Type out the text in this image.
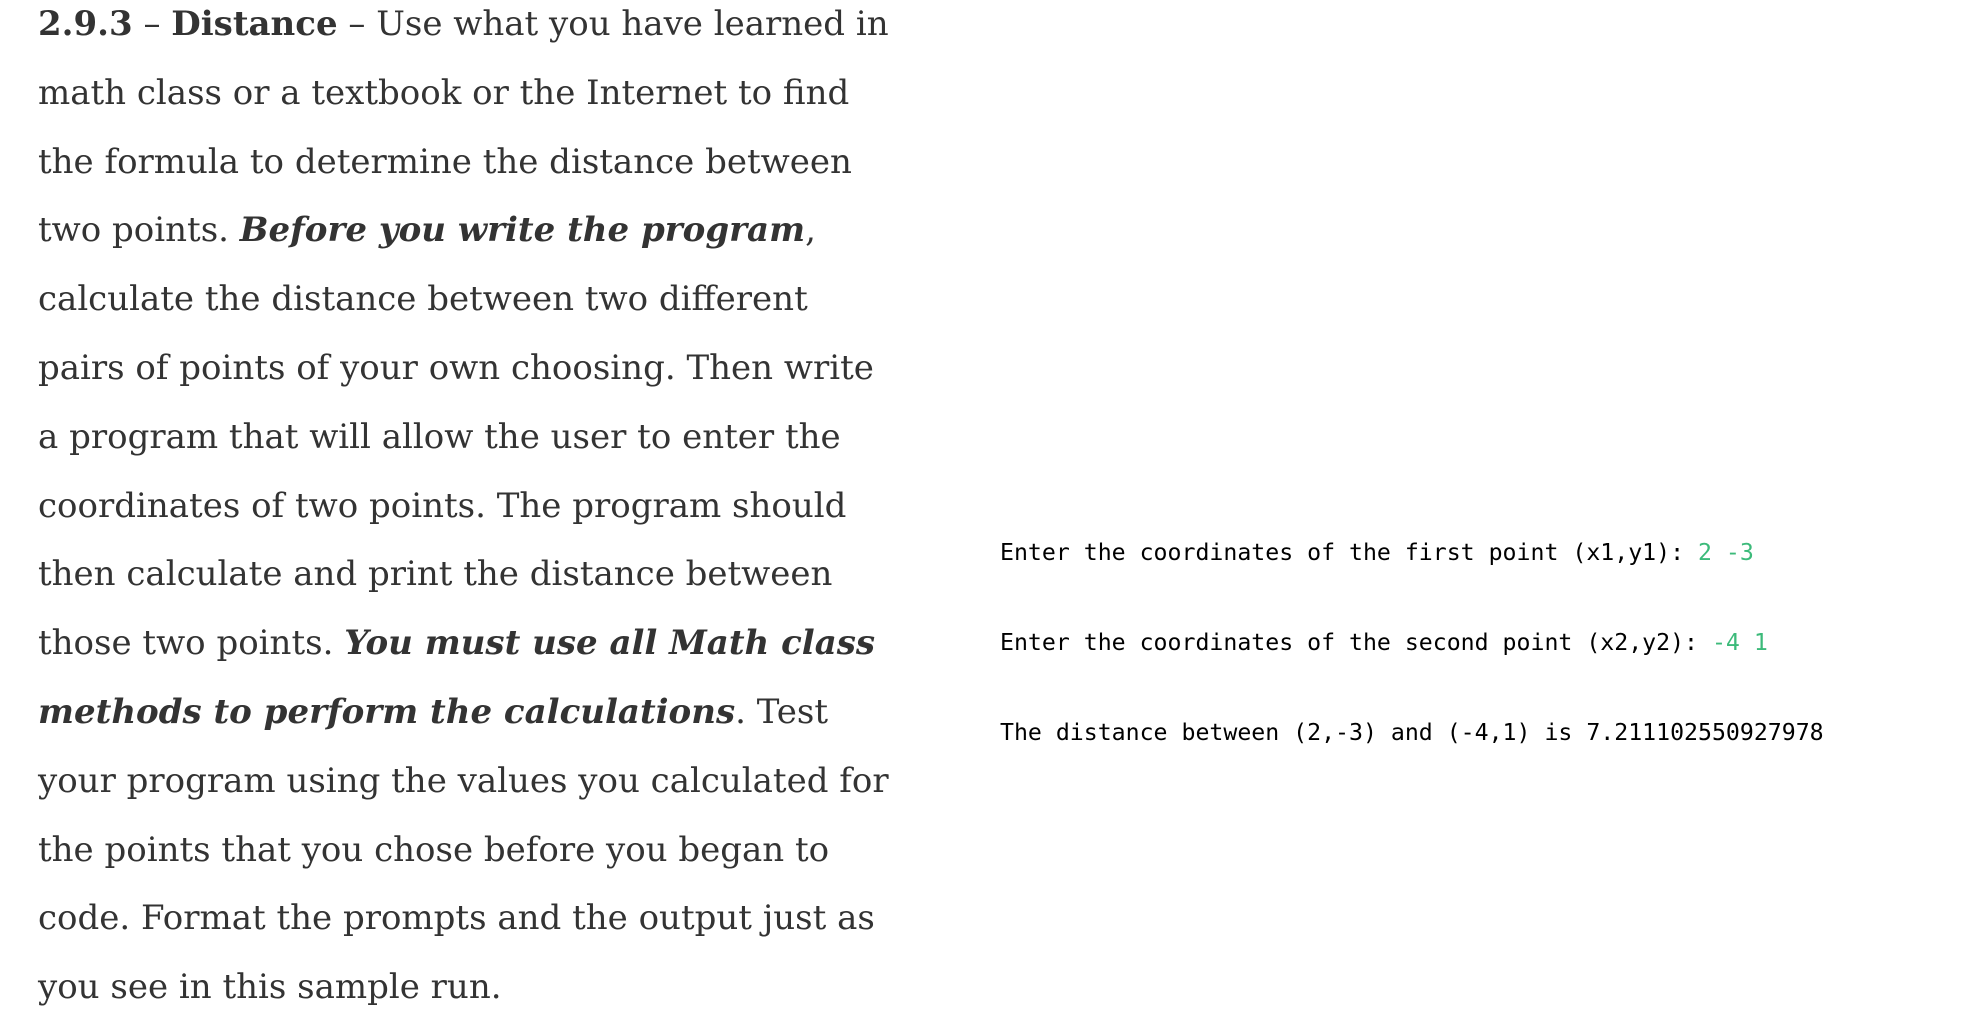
2.9.3 – Distance – Use what you have learned in math class or a textbook or the Internet to find the formula to determine the distance between two points. Before you write the program, calculate the distance between two different pairs of points of your own choosing. Then write a program that will allow the user to enter the coordinates of two points. The program should then calculate and print the distance between those two points. You must use all Math class methods to perform the calculations. Test your program using the values you calculated for the points that you chose before you began to code. Format the prompts and the output just as you see in this sample run.

Enter the coordinates of the first point (x1,y1): 2 -3

Enter the coordinates of the second point (x2,y2): -4 1

The distance between (2,-3) and (-4,1) is 7.211102550927978
